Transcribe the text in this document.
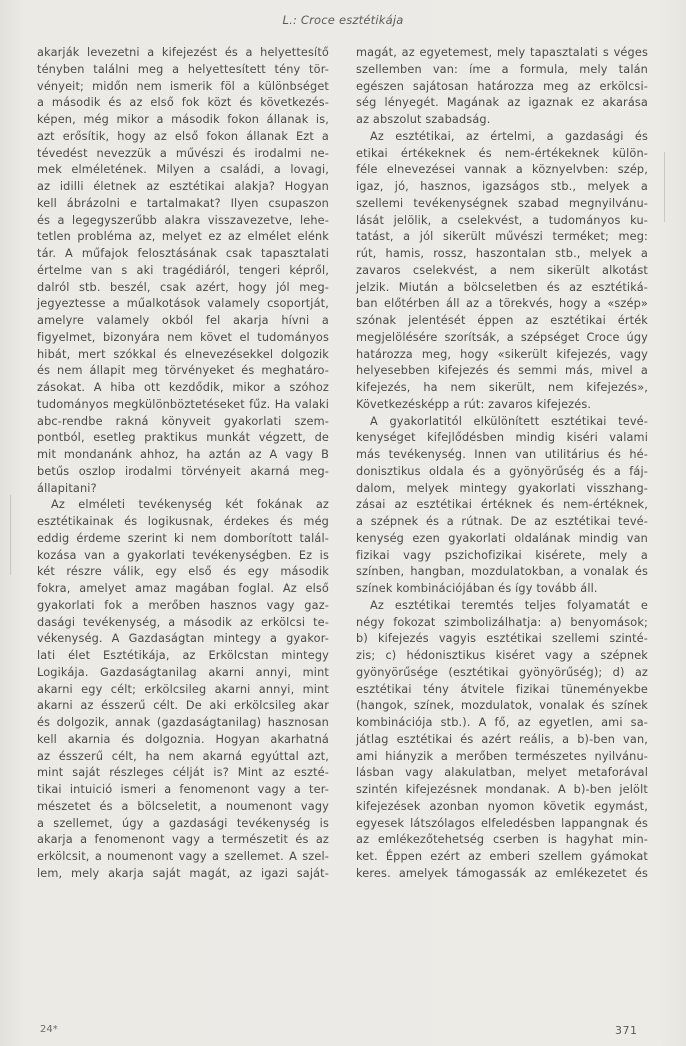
L.: Croce esztétikája
akarják levezetni a kifejezést és a helyettesítő
tényben találni meg a helyettesített tény tör-
vényeit; midőn nem ismerik föl a különbséget
a második és az első fok közt és következés-
képen, még mikor a második fokon állanak is,
azt erősítik, hogy az első fokon állanak Ezt a
tévedést nevezzük a művészi és irodalmi ne-
mek elméletének. Milyen a családi, a lovagi,
az idilli életnek az esztétikai alakja? Hogyan
kell ábrázolni e tartalmakat? Ilyen csupaszon
és a legegyszerűbb alakra visszavezetve, lehe-
tetlen probléma az, melyet ez az elmélet elénk
tár. A műfajok felosztásának csak tapasztalati
értelme van s aki tragédiáról, tengeri képről,
dalról stb. beszél, csak azért, hogy jól meg-
jegyeztesse a műalkotások valamely csoportját,
amelyre valamely okból fel akarja hívni a
figyelmet, bizonyára nem követ el tudományos
hibát, mert szókkal és elnevezésekkel dolgozik
és nem állapit meg törvényeket és meghatáro-
zásokat. A hiba ott kezdődik, mikor a szóhoz
tudományos megkülönböztetéseket fűz. Ha valaki
abc-rendbe rakná könyveit gyakorlati szem-
pontból, esetleg praktikus munkát végzett, de
mit mondanánk ahhoz, ha aztán az A vagy B
betűs oszlop irodalmi törvényeit akarná meg-
állapitani?
Az elméleti tevékenység két fokának az
esztétikainak és logikusnak, érdekes és még
eddig érdeme szerint ki nem domborított talál-
kozása van a gyakorlati tevékenységben. Ez is
két részre válik, egy első és egy második
fokra, amelyet amaz magában foglal. Az első
gyakorlati fok a merőben hasznos vagy gaz-
dasági tevékenység, a második az erkölcsi te-
vékenység. A Gazdaságtan mintegy a gyakor-
lati élet Esztétikája, az Erkölcstan mintegy
Logikája. Gazdaságtanilag akarni annyi, mint
akarni egy célt; erkölcsileg akarni annyi, mint
akarni az ésszerű célt. De aki erkölcsileg akar
és dolgozik, annak (gazdaságtanilag) hasznosan
kell akarnia és dolgoznia. Hogyan akarhatná
az ésszerű célt, ha nem akarná egyúttal azt,
mint saját részleges célját is? Mint az eszté-
tikai intuició ismeri a fenomenont vagy a ter-
mészetet és a bölcseletit, a noumenont vagy
a szellemet, úgy a gazdasági tevékenység is
akarja a fenomenont vagy a természetit és az
erkölcsit, a noumenont vagy a szellemet. A szel-
lem, mely akarja saját magát, az igazi saját-
magát, az egyetemest, mely tapasztalati s véges
szellemben van: íme a formula, mely talán
egészen sajátosan határozza meg az erkölcsi-
ség lényegét. Magának az igaznak ez akarása
az abszolut szabadság.
Az esztétikai, az értelmi, a gazdasági és
etikai értékeknek és nem-értékeknek külön-
féle elnevezései vannak a köznyelvben: szép,
igaz, jó, hasznos, igazságos stb., melyek a
szellemi tevékenységnek szabad megnyilvánu-
lását jelölik, a cselekvést, a tudományos ku-
tatást, a jól sikerült művészi terméket; meg:
rút, hamis, rossz, haszontalan stb., melyek a
zavaros cselekvést, a nem sikerült alkotást
jelzik. Miután a bölcseletben és az esztétiká-
ban előtérben áll az a törekvés, hogy a «szép»
szónak jelentését éppen az esztétikai érték
megjelölésére szorítsák, a szépséget Croce úgy
határozza meg, hogy «sikerült kifejezés, vagy
helyesebben kifejezés és semmi más, mivel a
kifejezés, ha nem sikerült, nem kifejezés»,
Következésképp a rút: zavaros kifejezés.
A gyakorlatitól elkülönített esztétikai tevé-
kenységet kifejlődésben mindig kiséri valami
más tevékenység. Innen van utilitárius és hé-
donisztikus oldala és a gyönyörűség és a fáj-
dalom, melyek mintegy gyakorlati visszhang-
zásai az esztétikai értéknek és nem-értéknek,
a szépnek és a rútnak. De az esztétikai tevé-
kenység ezen gyakorlati oldalának mindig van
fizikai vagy pszichofizikai kisérete, mely a
színben, hangban, mozdulatokban, a vonalak és
színek kombinációjában és így tovább áll.
Az esztétikai teremtés teljes folyamatát e
négy fokozat szimbolizálhatja: a) benyomások;
b) kifejezés vagyis esztétikai szellemi szinté-
zis; c) hédonisztikus kiséret vagy a szépnek
gyönyörűsége (esztétikai gyönyörűség); d) az
esztétikai tény átvitele fizikai tüneményekbe
(hangok, színek, mozdulatok, vonalak és színek
kombinációja stb.). A fő, az egyetlen, ami sa-
játlag esztétikai és azért reális, a b)-ben van,
ami hiányzik a merőben természetes nyilvánu-
lásban vagy alakulatban, melyet metaforával
szintén kifejezésnek mondanak. A b)-ben jelölt
kifejezések azonban nyomon követik egymást,
egyesek látszólagos elfeledésben lappangnak és
az emlékezőtehetség cserben is hagyhat min-
ket. Éppen ezért az emberi szellem gyámokat
keres. amelyek támogassák az emlékezetet és
24*	371
